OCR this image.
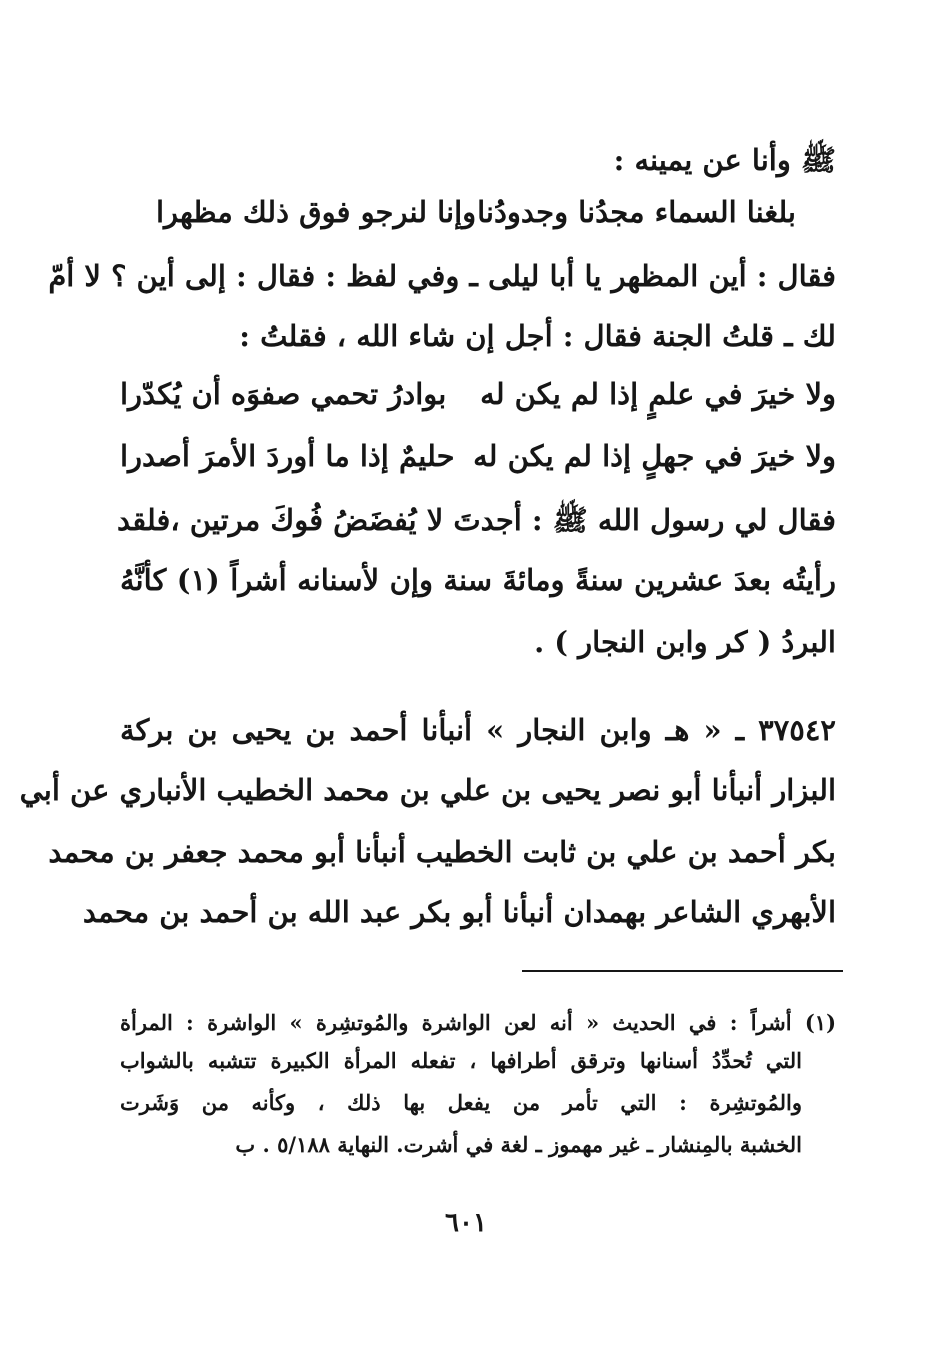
ﷺ وأنا عن يمينه :
بلغنا السماء مجدُنا وجدودُنا
وإنا لنرجو فوق ذلك مظهرا
فقال : أين المظهر يا أبا ليلى ـ وفي لفظ : فقال : إلى أين ؟ لا أمّ
لك ـ قلتُ الجنة فقال : أجل إن شاء الله ، فقلتُ :
ولا خيرَ في علمٍ إذا لم يكن له
بوادرُ تحمي صفوَه أن يُكدّرا
ولا خيرَ في جهلٍ إذا لم يكن له
حليمٌ إذا ما أوردَ الأمرَ أصدرا
فقال لي رسول الله ﷺ : أجدتَ لا يُفضَضُ فُوكَ مرتين ،فلقد
رأيتُه بعدَ عشرين سنةً ومائةَ سنة وإن لأسنانه أشراً (١) كأنَّهُ
البردُ ( كر وابن النجار ) .
٣٧٥٤٢ ـ « هـ وابن النجار » أنبأنا أحمد بن يحيى بن بركة
البزار أنبأنا أبو نصر يحيى بن علي بن محمد الخطيب الأنباري عن أبي
بكر أحمد بن علي بن ثابت الخطيب أنبأنا أبو محمد جعفر بن محمد
الأبهري الشاعر بهمدان أنبأنا أبو بكر عبد الله بن أحمد بن محمد
(١) أشراً : في الحديث « أنه لعن الواشرة والمُوتشِرة » الواشرة : المرأة
التي تُحدِّدُ أسنانها وترقق أطرافها ، تفعله المرأة الكبيرة تتشبه بالشواب
والمُوتشِرة : التي تأمر من يفعل بها ذلك ، وكأنه من وَشَرت
الخشبة بالمِنشار ـ غير مهموز ـ لغة في أشرت. النهاية ٥/١٨٨ . ب
٦٠١
